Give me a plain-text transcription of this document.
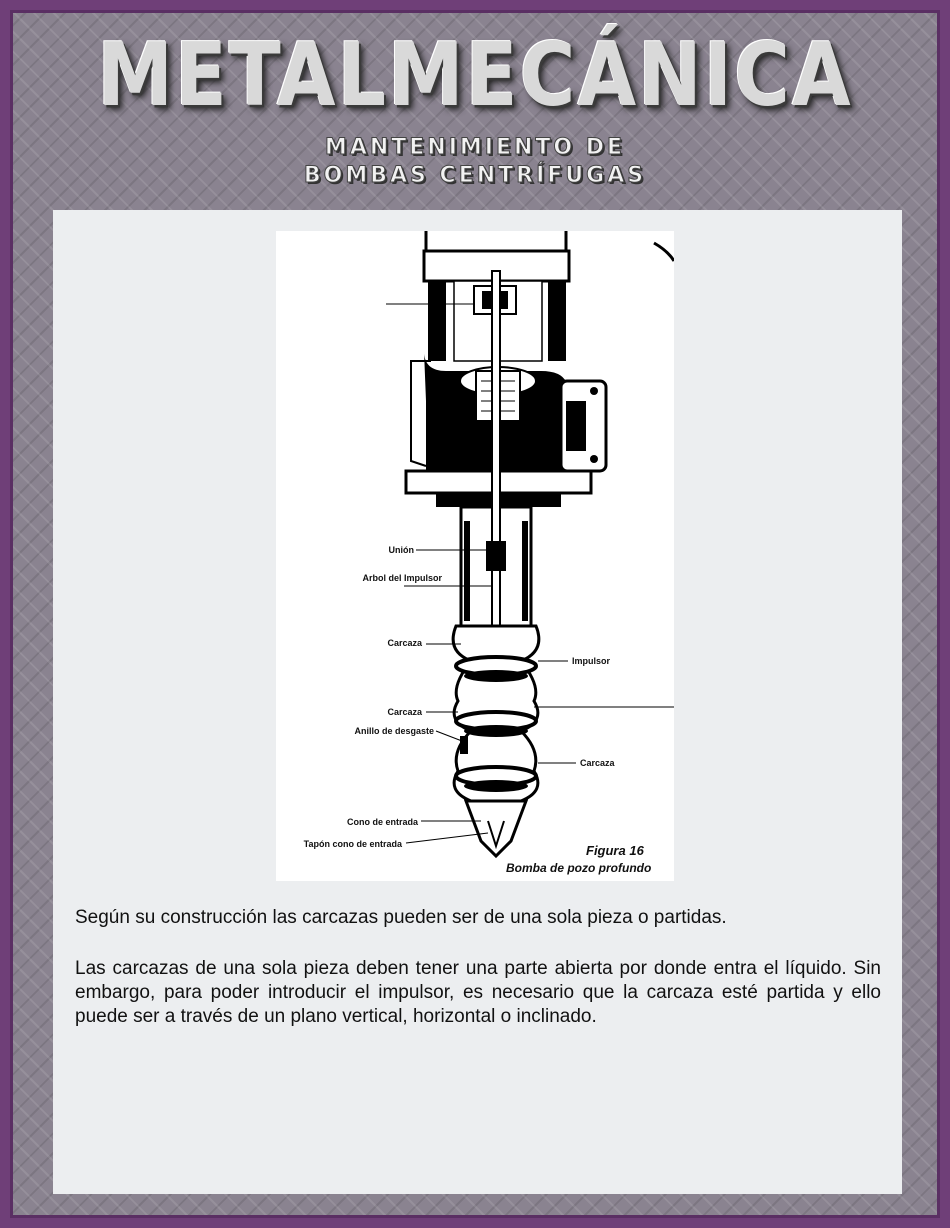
METALMECÁNICA
MANTENIMIENTO DE
BOMBAS CENTRÍFUGAS
Unión
Arbol del Impulsor
Carcaza
Impulsor
Carcaza
Anillo de desgaste
Carcaza
Cono de entrada
Tapón cono de entrada	Figura 16
Bomba de pozo profundo

Según su construcción las carcazas pueden ser de una sola pieza o partidas.

Las carcazas de una sola pieza deben tener una parte abierta por donde entra el líquido. Sin embargo, para poder introducir el impulsor, es necesario que la carcaza esté partida y ello puede ser a través de un plano vertical, horizontal o inclinado.
